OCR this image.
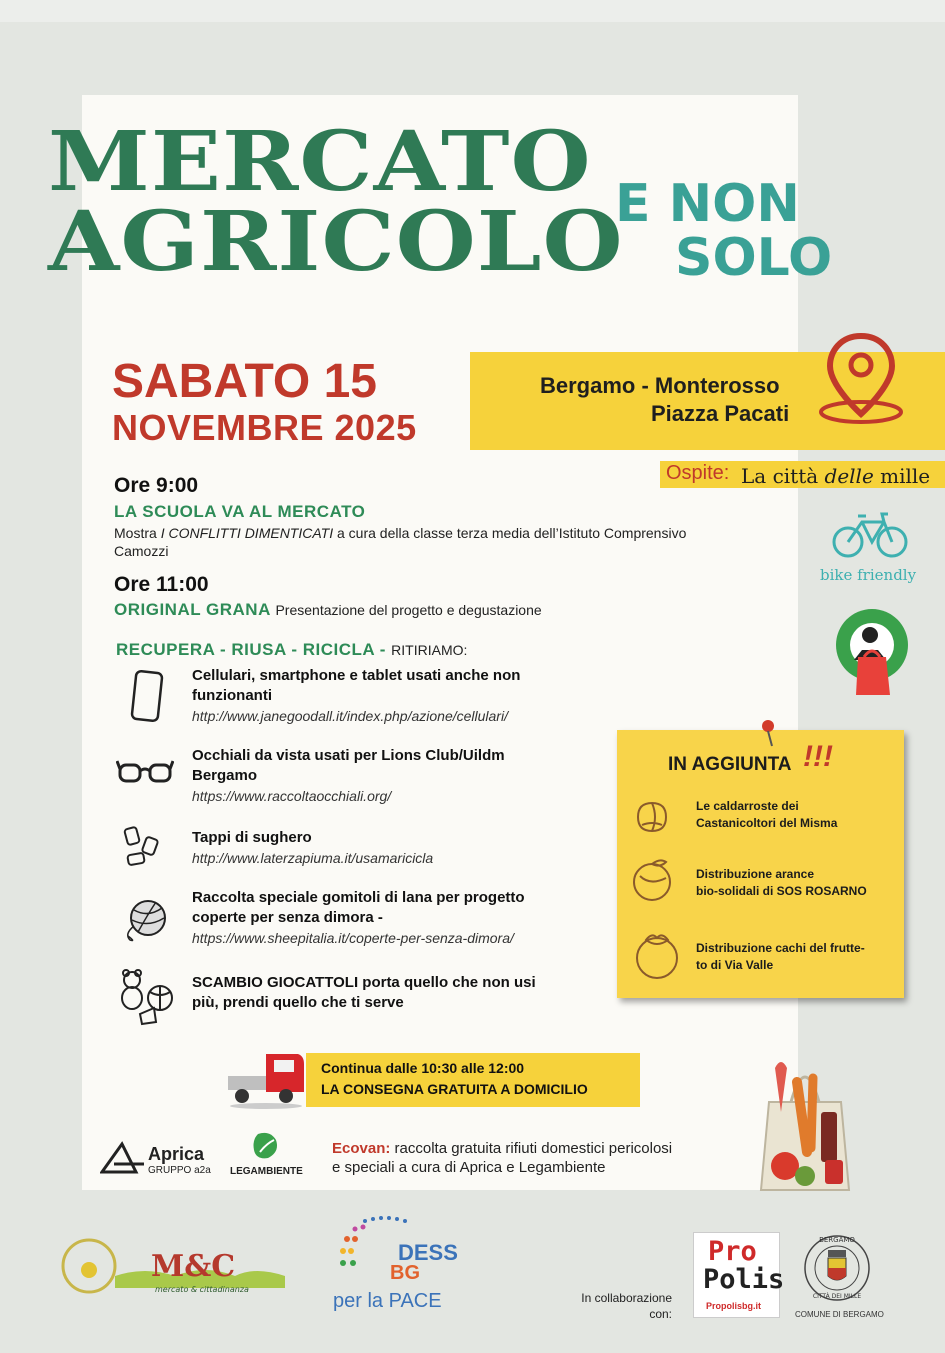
MERCATO
AGRICOLO
E NON
SOLO
SABATO 15
NOVEMBRE 2025
Bergamo - Monterosso
Piazza Pacati
Ospite: La città delle mille
bike friendly
Ore 9:00
LA SCUOLA VA AL MERCATO
Mostra I CONFLITTI DIMENTICATI a cura della classe terza media dell’Istituto Comprensivo
Camozzi
Ore 11:00
ORIGINAL GRANA Presentazione del progetto e degustazione
RECUPERA - RIUSA - RICICLA - RITIRIAMO:
Cellulari, smartphone e tablet usati anche non
funzionanti
http://www.janegoodall.it/index.php/azione/cellulari/
Occhiali da vista usati per Lions Club/Uildm
Bergamo
https://www.raccoltaocchiali.org/
Tappi di sughero
http://www.laterzapiuma.it/usamaricicla
Raccolta speciale gomitoli di lana per progetto
coperte per senza dimora -
https://www.sheepitalia.it/coperte-per-senza-dimora/
SCAMBIO GIOCATTOLI porta quello che non usi
più, prendi quello che ti serve
IN AGGIUNTA !!!
Le caldarroste dei
Castanicoltori del Misma
Distribuzione arance
bio-solidali di SOS ROSARNO
Distribuzione cachi del frutte-
to di Via Valle
Continua dalle 10:30 alle 12:00
LA CONSEGNA GRATUITA A DOMICILIO
Aprica
GRUPPO a2a LEGAMBIENTE
Ecovan: raccolta gratuita rifiuti domestici pericolosi
e speciali a cura di Aprica e Legambiente
M&C
mercato & cittadinanza
DESS
BG
per la PACE	In collaborazione
con:
Pro
Polis
Propolisbg.it
BERGAMO
CITTÀ DEI MILLE
COMUNE DI BERGAMO
